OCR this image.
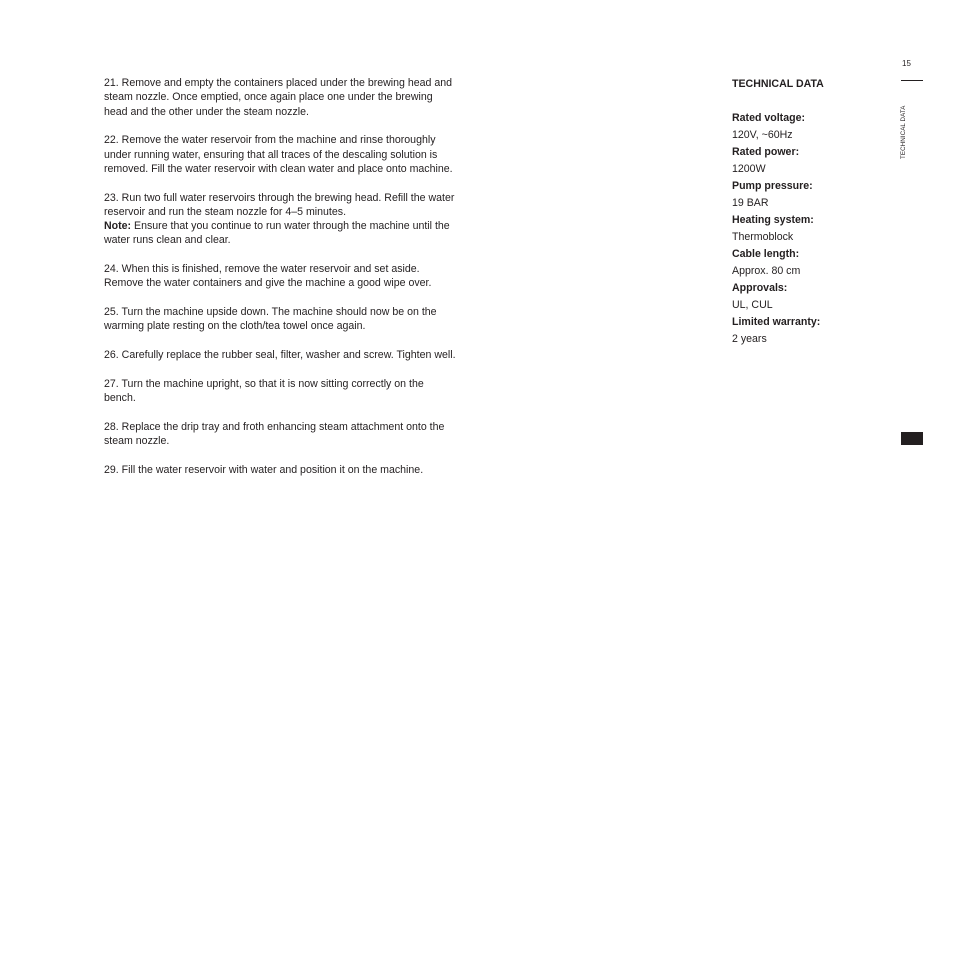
21. Remove and empty the containers placed under the brewing head and steam nozzle. Once emptied, once again place one under the brewing head and the other under the steam nozzle.

22. Remove the water reservoir from the machine and rinse thoroughly under running water, ensuring that all traces of the descaling solution is removed. Fill the water reservoir with clean water and place onto machine.

23. Run two full water reservoirs through the brewing head. Refill the water reservoir and run the steam nozzle for 4–5 minutes.
Note: Ensure that you continue to run water through the machine until the water runs clean and clear.

24. When this is finished, remove the water reservoir and set aside. Remove the water containers and give the machine a good wipe over.

25. Turn the machine upside down. The machine should now be on the warming plate resting on the cloth/tea towel once again.

26. Carefully replace the rubber seal, filter, washer and screw. Tighten well.

27. Turn the machine upright, so that it is now sitting correctly on the bench.

28. Replace the drip tray and froth enhancing steam attachment onto the steam nozzle.

29. Fill the water reservoir with water and position it on the machine.

TECHNICAL DATA
Rated voltage:
120V, ~60Hz
Rated power:
1200W
Pump pressure:
19 BAR
Heating system:
Thermoblock
Cable length:
Approx. 80 cm
Approvals:
UL, CUL
Limited warranty:
2 years
15
TECHNICAL DATA
